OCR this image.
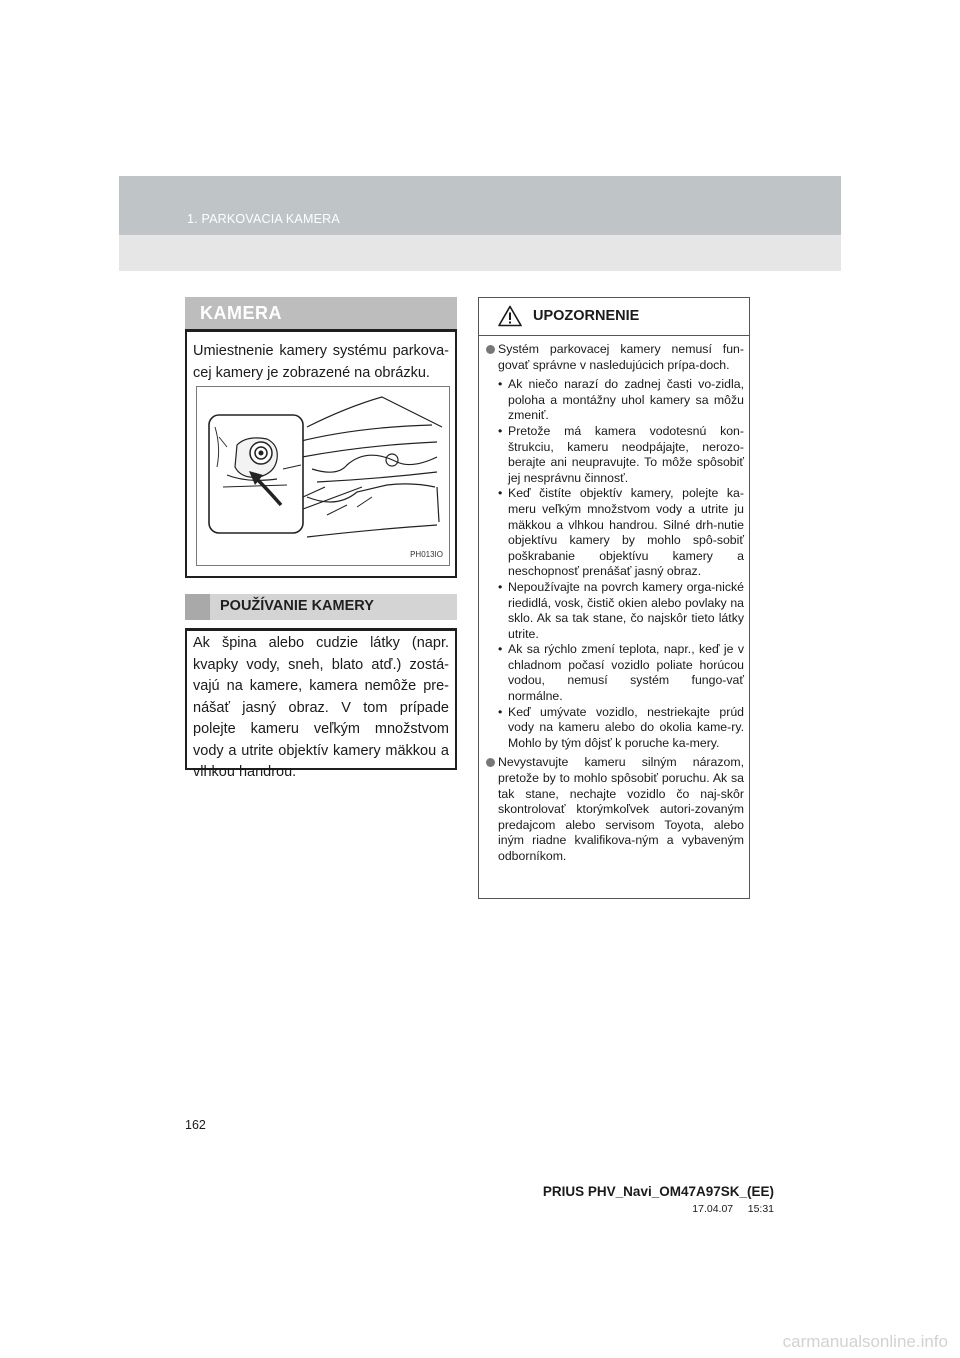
1. PARKOVACIA KAMERA
KAMERA
Umiestnenie kamery systému parkova-cej kamery je zobrazené na obrázku.
PH013IO
POUŽÍVANIE KAMERY
Ak špina alebo cudzie látky (napr. kvapky vody, sneh, blato atď.) zostá-vajú na kamere, kamera nemôže pre-nášať jasný obraz. V tom prípade polejte kameru veľkým množstvom vody a utrite objektív kamery mäkkou a vlhkou handrou.
UPOZORNENIE
Systém parkovacej kamery nemusí fun-govať správne v nasledujúcich prípa-doch.
• Ak niečo narazí do zadnej časti vo-zidla, poloha a montážny uhol kamery sa môžu zmeniť.
• Pretože má kamera vodotesnú kon-štrukciu, kameru neodpájajte, nerozo-berajte ani neupravujte. To môže spôsobiť jej nesprávnu činnosť.
• Keď čistíte objektív kamery, polejte ka-meru veľkým množstvom vody a utrite ju mäkkou a vlhkou handrou. Silné drh-nutie objektívu kamery by mohlo spô-sobiť poškrabanie objektívu kamery a neschopnosť prenášať jasný obraz.
• Nepoužívajte na povrch kamery orga-nické riedidlá, vosk, čistič okien alebo povlaky na sklo. Ak sa tak stane, čo najskôr tieto látky utrite.
• Ak sa rýchlo zmení teplota, napr., keď je v chladnom počasí vozidlo poliate horúcou vodou, nemusí systém fungo-vať normálne.
• Keď umývate vozidlo, nestriekajte prúd vody na kameru alebo do okolia kame-ry. Mohlo by tým dôjsť k poruche ka-mery.
Nevystavujte kameru silným nárazom, pretože by to mohlo spôsobiť poruchu. Ak sa tak stane, nechajte vozidlo čo naj-skôr skontrolovať ktorýmkoľvek autori-zovaným predajcom alebo servisom Toyota, alebo iným riadne kvalifikova-ným a vybaveným odborníkom.
162
PRIUS PHV_Navi_OM47A97SK_(EE)
17.04.07     15:31
carmanualsonline.info
